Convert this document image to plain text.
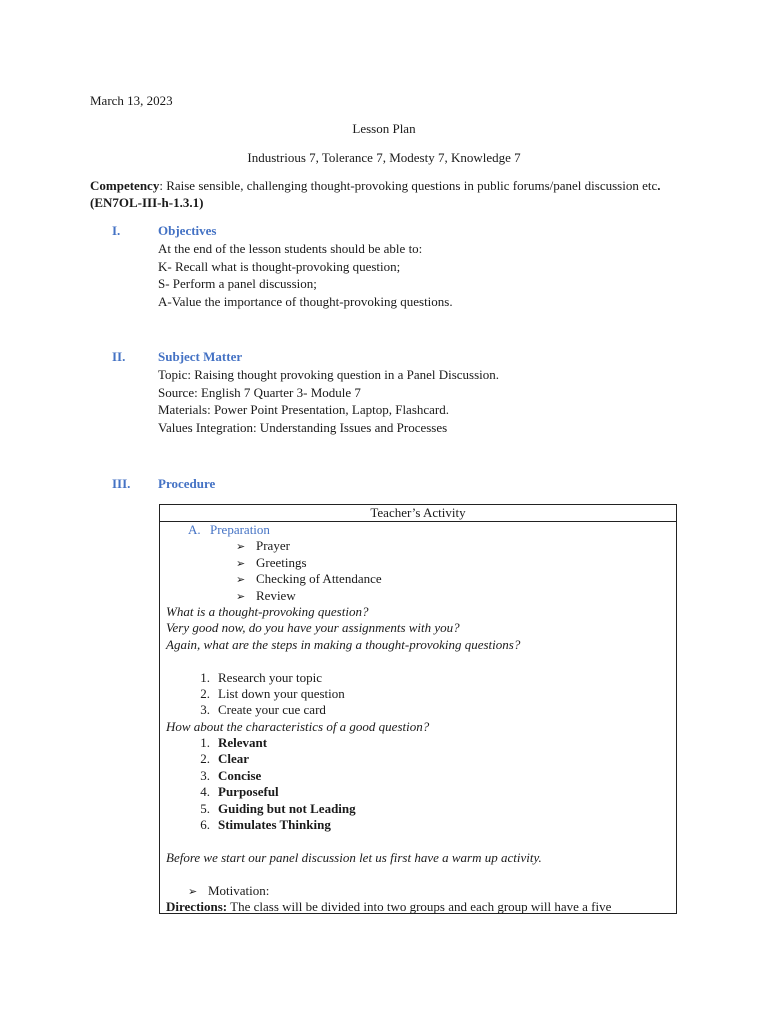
March 13, 2023
Lesson Plan
Industrious 7, Tolerance 7, Modesty 7, Knowledge 7
Competency: Raise sensible, challenging thought-provoking questions in public forums/panel discussion etc. (EN7OL-III-h-1.3.1)
I.	Objectives
At the end of the lesson students should be able to:
K- Recall what is thought-provoking question;
S- Perform a panel discussion;
A-Value the importance of thought-provoking questions.
II.	Subject Matter
Topic: Raising thought provoking question in a Panel Discussion.
Source: English 7 Quarter 3- Module 7
Materials: Power Point Presentation, Laptop, Flashcard.
Values Integration: Understanding Issues and Processes
III. Procedure
Teacher’s Activity
A. Preparation
➢ Prayer
➢ Greetings
➢ Checking of Attendance
➢ Review
What is a thought-provoking question?
Very good now, do you have your assignments with you?
Again, what are the steps in making a thought-provoking questions?
1. Research your topic
2. List down your question
3. Create your cue card
How about the characteristics of a good question?
1. Relevant
2. Clear
3. Concise
4. Purposeful
5. Guiding but not Leading
6. Stimulates Thinking
Before we start our panel discussion let us first have a warm up activity.
➢ Motivation:
Directions: The class will be divided into two groups and each group will have a five
